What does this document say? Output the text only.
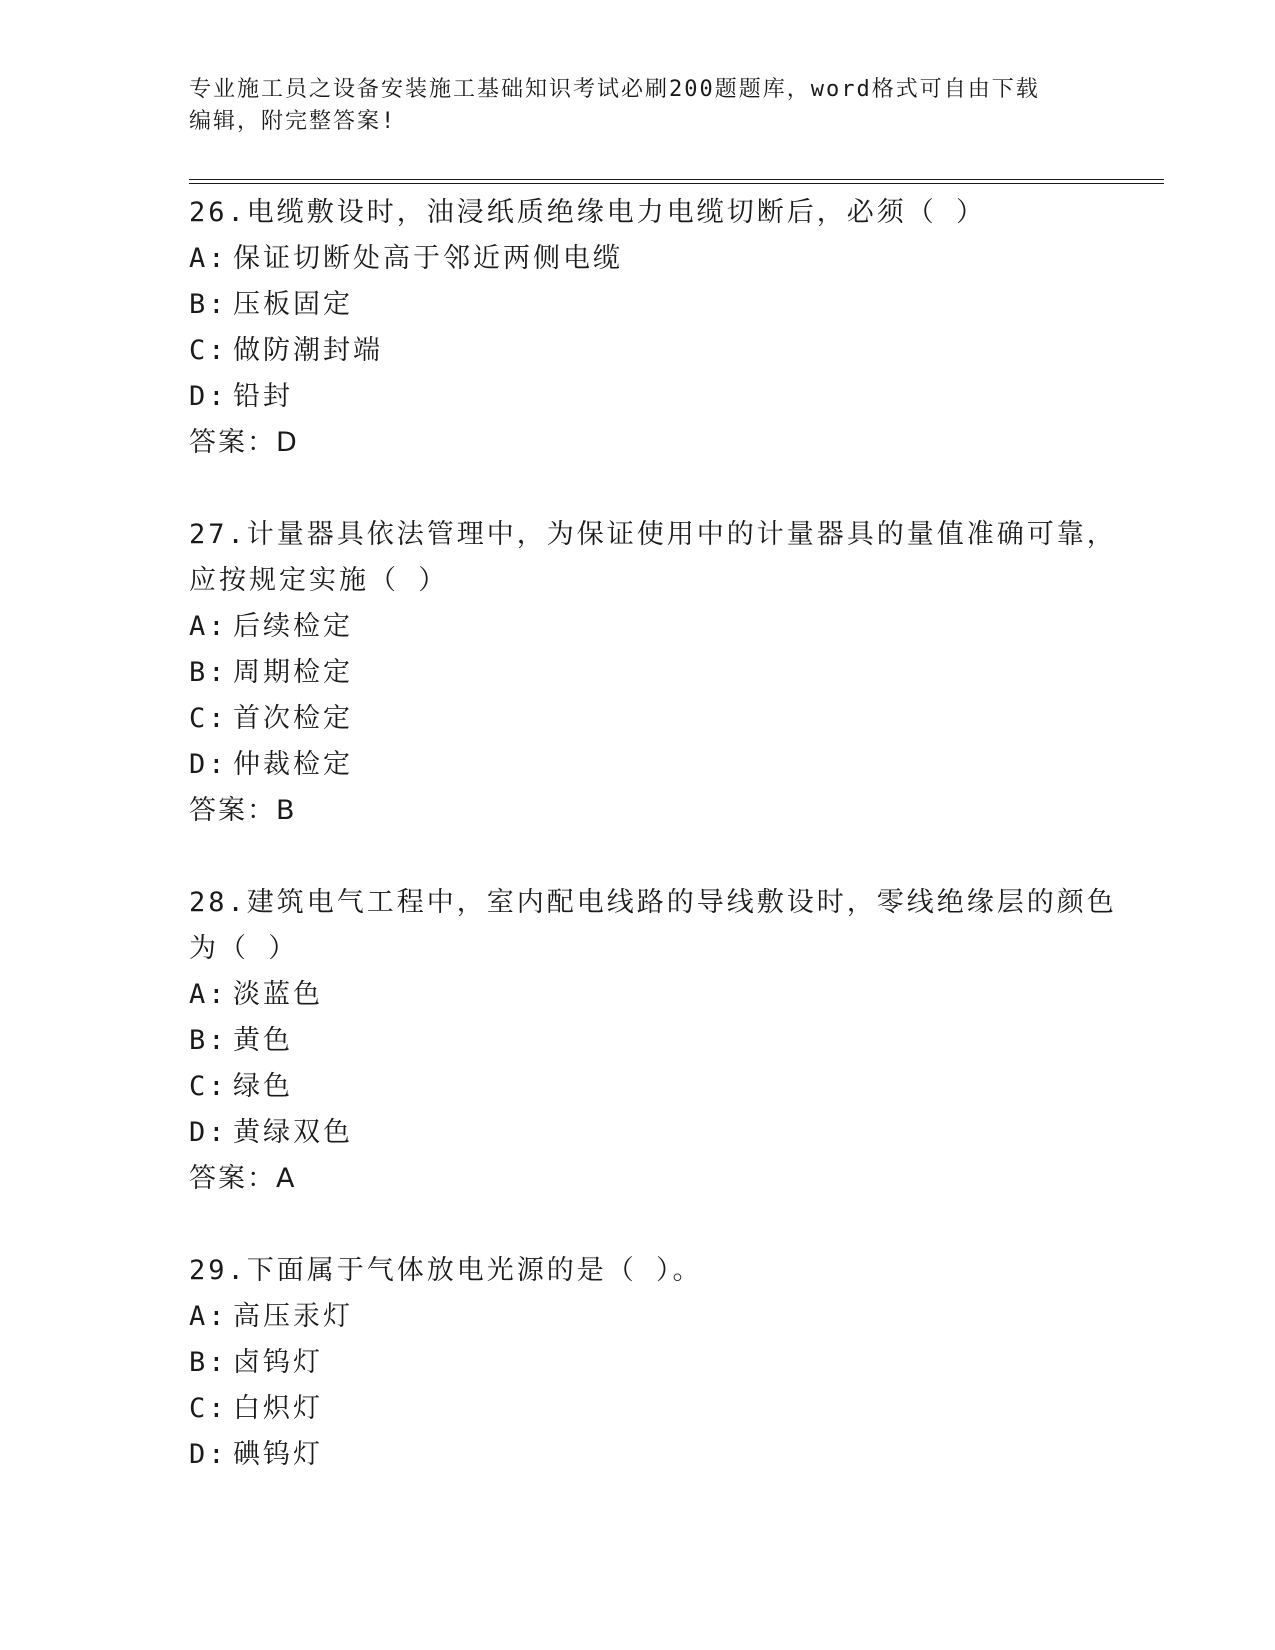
专业施工员之设备安装施工基础知识考试必刷200题题库，word格式可自由下载
编辑，附完整答案!
26.电缆敷设时，油浸纸质绝缘电力电缆切断后，必须（ ）
A: 保证切断处高于邻近两侧电缆
B: 压板固定
C: 做防潮封端
D: 铅封
答案：D
27.计量器具依法管理中，为保证使用中的计量器具的量值准确可靠，
应按规定实施（ ）
A: 后续检定
B: 周期检定
C: 首次检定
D: 仲裁检定
答案：B
28.建筑电气工程中，室内配电线路的导线敷设时，零线绝缘层的颜色
为（ ）
A: 淡蓝色
B: 黄色
C: 绿色
D: 黄绿双色
答案：A
29.下面属于气体放电光源的是（ ）。
A: 高压汞灯
B: 卤钨灯
C: 白炽灯
D: 碘钨灯
